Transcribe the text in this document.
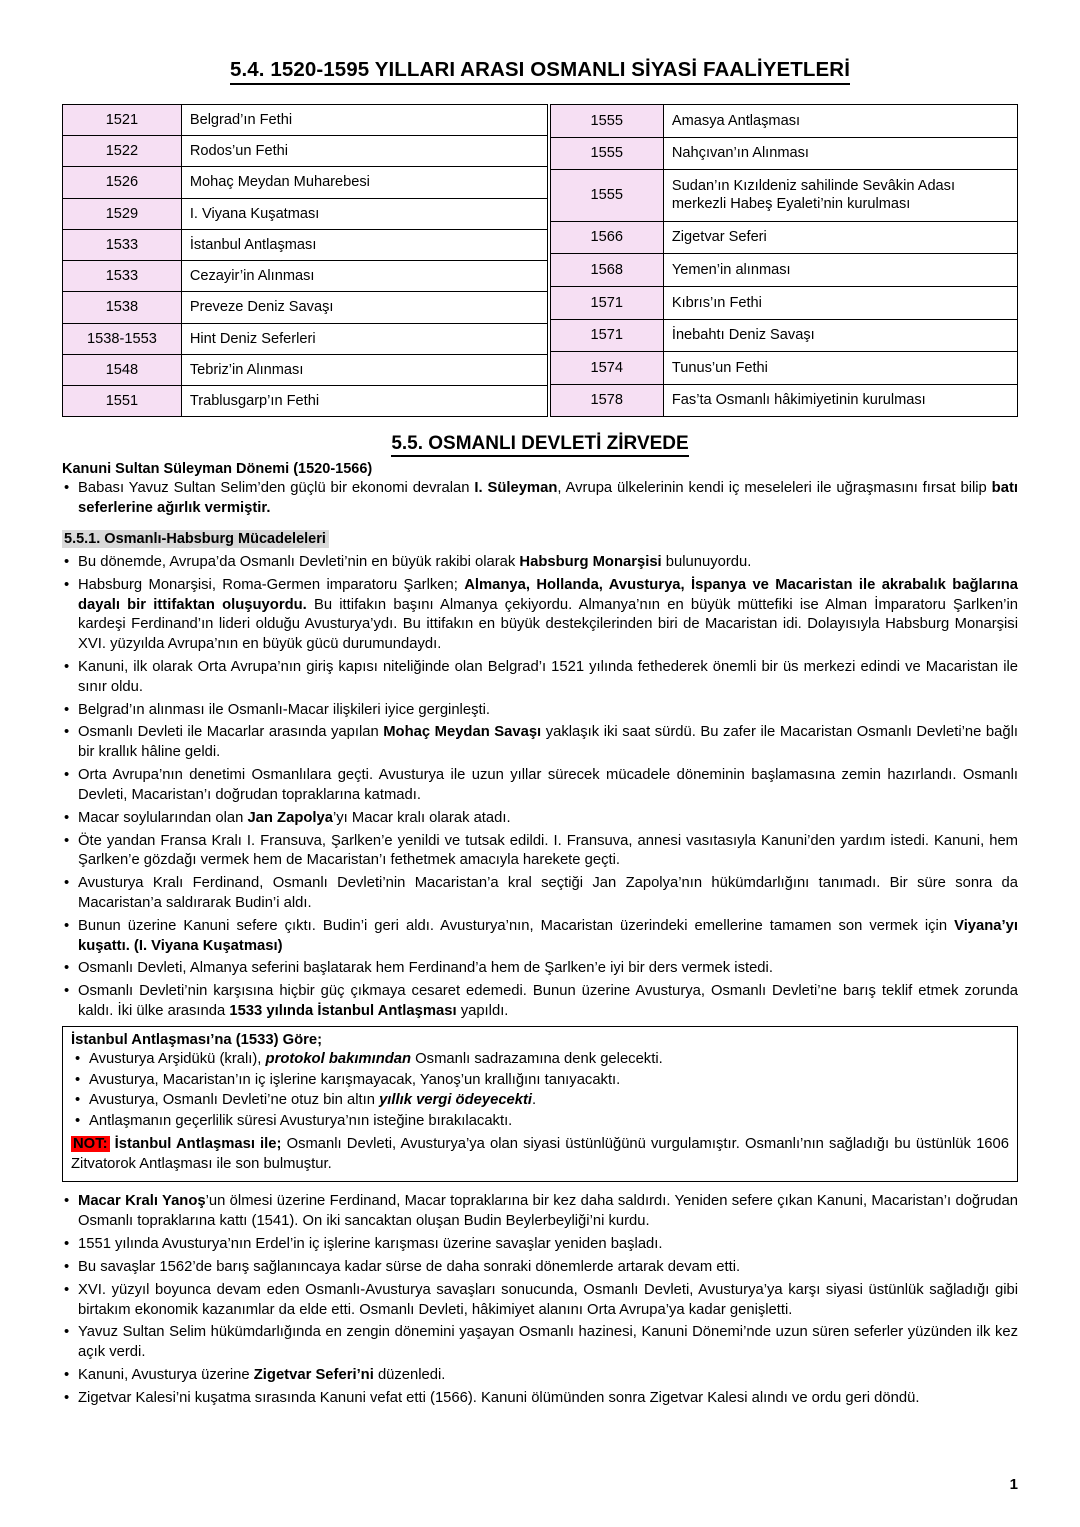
5.4. 1520-1595 YILLARI ARASI OSMANLI SİYASİ FAALİYETLERİ
1521	Belgrad’ın Fethi
1522	Rodos’un Fethi
1526	Mohaç Meydan Muharebesi
1529	I. Viyana Kuşatması
1533	İstanbul Antlaşması
1533	Cezayir’in Alınması
1538	Preveze Deniz Savaşı
1538-1553	Hint Deniz Seferleri
1548	Tebriz’in Alınması
1551	Trablusgarp’ın Fethi
1555	Amasya Antlaşması
1555	Nahçıvan’ın Alınması
1555	Sudan’ın Kızıldeniz sahilinde Sevâkin Adası merkezli Habeş Eyaleti’nin kurulması
1566	Zigetvar Seferi
1568	Yemen’in alınması
1571	Kıbrıs’ın Fethi
1571	İnebahtı Deniz Savaşı
1574	Tunus’un Fethi
1578	Fas’ta Osmanlı hâkimiyetinin kurulması
5.5. OSMANLI DEVLETİ ZİRVEDE
Kanuni Sultan Süleyman Dönemi (1520-1566)
• Babası Yavuz Sultan Selim’den güçlü bir ekonomi devralan I. Süleyman, Avrupa ülkelerinin kendi iç meseleleri ile uğraşmasını fırsat bilip batı seferlerine ağırlık vermiştir.
5.5.1. Osmanlı-Habsburg Mücadeleleri
• Bu dönemde, Avrupa’da Osmanlı Devleti’nin en büyük rakibi olarak Habsburg Monarşisi bulunuyordu.
• Habsburg Monarşisi, Roma-Germen imparatoru Şarlken; Almanya, Hollanda, Avusturya, İspanya ve Macaristan ile akrabalık bağlarına dayalı bir ittifaktan oluşuyordu. Bu ittifakın başını Almanya çekiyordu. Almanya’nın en büyük müttefiki ise Alman İmparatoru Şarlken’in kardeşi Ferdinand’ın lideri olduğu Avusturya’ydı. Bu ittifakın en büyük destekçilerinden biri de Macaristan idi. Dolayısıyla Habsburg Monarşisi XVI. yüzyılda Avrupa’nın en büyük gücü durumundaydı.
• Kanuni, ilk olarak Orta Avrupa’nın giriş kapısı niteliğinde olan Belgrad’ı 1521 yılında fethederek önemli bir üs merkezi edindi ve Macaristan ile sınır oldu.
• Belgrad’ın alınması ile Osmanlı-Macar ilişkileri iyice gerginleşti.
• Osmanlı Devleti ile Macarlar arasında yapılan Mohaç Meydan Savaşı yaklaşık iki saat sürdü. Bu zafer ile Macaristan Osmanlı Devleti’ne bağlı bir krallık hâline geldi.
• Orta Avrupa’nın denetimi Osmanlılara geçti. Avusturya ile uzun yıllar sürecek mücadele döneminin başlamasına zemin hazırlandı. Osmanlı Devleti, Macaristan’ı doğrudan topraklarına katmadı.
• Macar soylularından olan Jan Zapolya’yı Macar kralı olarak atadı.
• Öte yandan Fransa Kralı I. Fransuva, Şarlken’e yenildi ve tutsak edildi. I. Fransuva, annesi vasıtasıyla Kanuni’den yardım istedi. Kanuni, hem Şarlken’e gözdağı vermek hem de Macaristan’ı fethetmek amacıyla harekete geçti.
• Avusturya Kralı Ferdinand, Osmanlı Devleti’nin Macaristan’a kral seçtiği Jan Zapolya’nın hükümdarlığını tanımadı. Bir süre sonra da Macaristan’a saldırarak Budin’i aldı.
• Bunun üzerine Kanuni sefere çıktı. Budin’i geri aldı. Avusturya’nın, Macaristan üzerindeki emellerine tamamen son vermek için Viyana’yı kuşattı. (I. Viyana Kuşatması)
• Osmanlı Devleti, Almanya seferini başlatarak hem Ferdinand’a hem de Şarlken’e iyi bir ders vermek istedi.
• Osmanlı Devleti’nin karşısına hiçbir güç çıkmaya cesaret edemedi. Bunun üzerine Avusturya, Osmanlı Devleti’ne barış teklif etmek zorunda kaldı. İki ülke arasında 1533 yılında İstanbul Antlaşması yapıldı.
İstanbul Antlaşması’na (1533) Göre;
• Avusturya Arşidükü (kralı), protokol bakımından Osmanlı sadrazamına denk gelecekti.
• Avusturya, Macaristan’ın iç işlerine karışmayacak, Yanoş’un krallığını tanıyacaktı.
• Avusturya, Osmanlı Devleti’ne otuz bin altın yıllık vergi ödeyecekti.
• Antlaşmanın geçerlilik süresi Avusturya’nın isteğine bırakılacaktı.
NOT: İstanbul Antlaşması ile; Osmanlı Devleti, Avusturya’ya olan siyasi üstünlüğünü vurgulamıştır. Osmanlı’nın sağladığı bu üstünlük 1606 Zitvatorok Antlaşması ile son bulmuştur.
• Macar Kralı Yanoş’un ölmesi üzerine Ferdinand, Macar topraklarına bir kez daha saldırdı. Yeniden sefere çıkan Kanuni, Macaristan’ı doğrudan Osmanlı topraklarına kattı (1541). On iki sancaktan oluşan Budin Beylerbeyliği’ni kurdu.
• 1551 yılında Avusturya’nın Erdel’in iç işlerine karışması üzerine savaşlar yeniden başladı.
• Bu savaşlar 1562’de barış sağlanıncaya kadar sürse de daha sonraki dönemlerde artarak devam etti.
• XVI. yüzyıl boyunca devam eden Osmanlı-Avusturya savaşları sonucunda, Osmanlı Devleti, Avusturya’ya karşı siyasi üstünlük sağladığı gibi birtakım ekonomik kazanımlar da elde etti. Osmanlı Devleti, hâkimiyet alanını Orta Avrupa’ya kadar genişletti.
• Yavuz Sultan Selim hükümdarlığında en zengin dönemini yaşayan Osmanlı hazinesi, Kanuni Dönemi’nde uzun süren seferler yüzünden ilk kez açık verdi.
• Kanuni, Avusturya üzerine Zigetvar Seferi’ni düzenledi.
• Zigetvar Kalesi’ni kuşatma sırasında Kanuni vefat etti (1566). Kanuni ölümünden sonra Zigetvar Kalesi alındı ve ordu geri döndü.
1
